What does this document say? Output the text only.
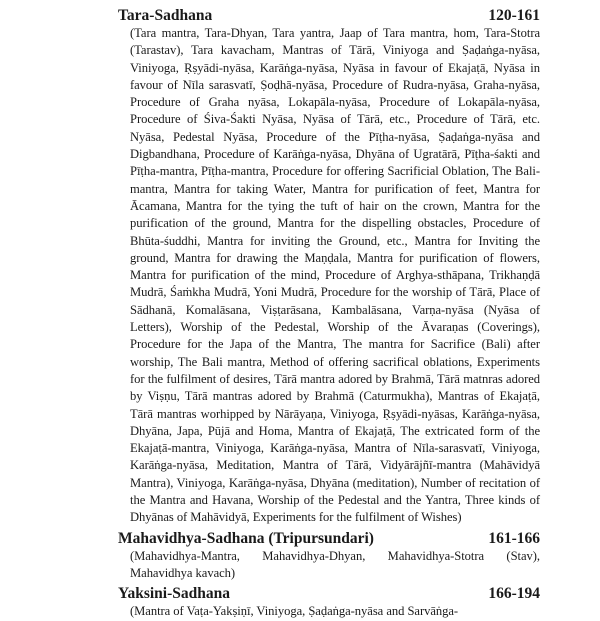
Tara-Sadhana	120-161
(Tara mantra, Tara-Dhyan, Tara yantra, Jaap of Tara mantra, hom, Tara-Stotra (Tarastav), Tara kavacham, Mantras of Tārā, Viniyoga and Ṣaḍaṅga-nyāsa, Viniyoga, Ṛṣyādi-nyāsa, Karāṅga-nyāsa, Nyāsa in favour of Ekajaṭā, Nyāsa in favour of Nīla sarasvatī, Ṣoḍhā-nyāsa, Procedure of Rudra-nyāsa, Graha-nyāsa, Procedure of Graha nyāsa, Lokapāla-nyāsa, Procedure of Lokapāla-nyāsa, Procedure of Śiva-Śakti Nyāsa, Nyāsa of Tārā, etc., Procedure of Tārā, etc. Nyāsa, Pedestal Nyāsa, Procedure of the Pīṭha-nyāsa, Ṣaḍaṅga-nyāsa and Digbandhana, Procedure of Karāṅga-nyāsa, Dhyāna of Ugratārā, Pīṭha-śakti and Pīṭha-mantra, Pīṭha-mantra, Procedure for offering Sacrificial Oblation, The Bali-mantra, Mantra for taking Water, Mantra for purification of feet, Mantra for Ācamana, Mantra for the tying the tuft of hair on the crown, Mantra for the purification of the ground, Mantra for the dispelling obstacles, Procedure of Bhūta-śuddhi, Mantra for inviting the Ground, etc., Mantra for Inviting the ground, Mantra for drawing the Maṇḍala, Mantra for purification of flowers, Mantra for purification of the mind, Procedure of Arghya-sthāpana, Trikhaṇḍā Mudrā, Śaṁkha Mudrā, Yoni Mudrā, Procedure for the worship of Tārā, Place of Sādhanā, Komalāsana, Viṣṭarāsana, Kambalāsana, Varṇa-nyāsa (Nyāsa of Letters), Worship of the Pedestal, Worship of the Āvaraṇas (Coverings), Procedure for the Japa of the Mantra, The mantra for Sacrifice (Bali) after worship, The Bali mantra, Method of offering sacrifical oblations, Experiments for the fulfilment of desires, Tārā mantra adored by Brahmā, Tārā matnras adored by Viṣṇu, Tārā mantras adored by Brahmā (Caturmukha), Mantras of Ekajaṭā, Tārā mantras worhipped by Nārāyaṇa, Viniyoga, Ṛṣyādi-nyāsas, Karāṅga-nyāsa, Dhyāna, Japa, Pūjā and Homa, Mantra of Ekajaṭā, The extricated form of the Ekajaṭā-mantra, Viniyoga, Karāṅga-nyāsa, Mantra of Nīla-sarasvatī, Viniyoga, Karāṅga-nyāsa, Meditation, Mantra of Tārā, Vidyārājñī-mantra (Mahāvidyā Mantra), Viniyoga, Karāṅga-nyāsa, Dhyāna (meditation), Number of recitation of the Mantra and Havana, Worship of the Pedestal and the Yantra, Three kinds of Dhyānas of Mahāvidyā, Experiments for the fulfilment of Wishes)
Mahavidhya-Sadhana (Tripursundari)	161-166
(Mahavidhya-Mantra, Mahavidhya-Dhyan, Mahavidhya-Stotra (Stav), Mahavidhya kavach)
Yaksini-Sadhana	166-194
(Mantra of Vaṭa-Yakṣiṇī, Viniyoga, Ṣaḍaṅga-nyāsa and Sarvāṅga-
